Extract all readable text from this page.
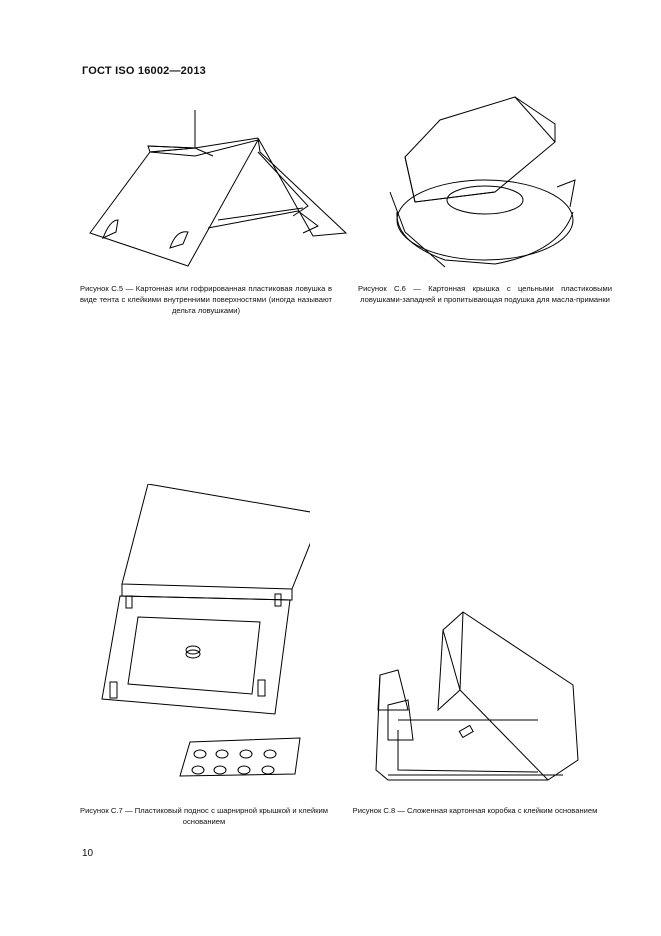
ГОСТ ISO 16002—2013
Рисунок С.5 — Картонная или гофрированная пластиковая ловушка в виде тента с клейкими внутренними поверхностями (иногда называют дельта ловушками)
Рисунок С.6 — Картонная крышка с цельными пластиковыми ловушками-западней и пропитывающая подушка для масла-приманки
Рисунок С.7 — Пластиковый поднос с шарнирной крышкой и клейким основанием
Рисунок С.8 — Сложенная картонная коробка с клейким основанием
10
